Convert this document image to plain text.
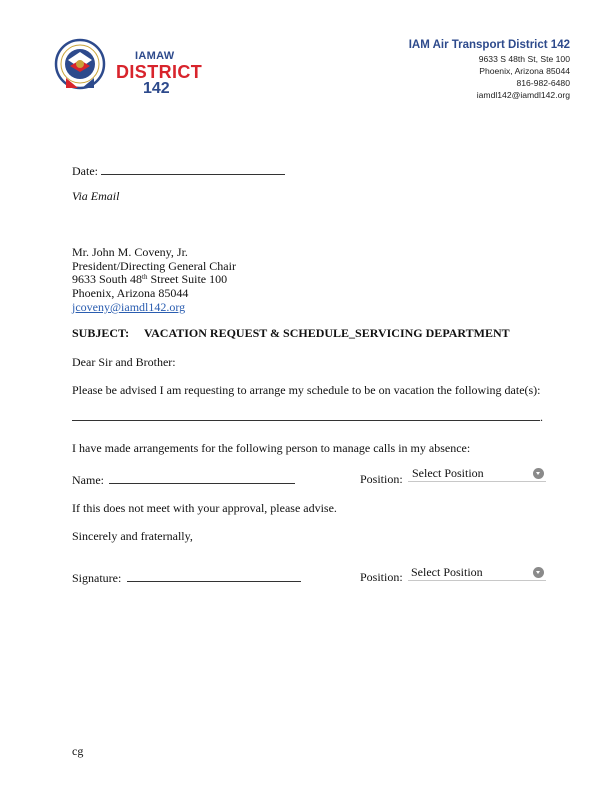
IAMAW
DISTRICT
142
IAM Air Transport District 142
9633 S 48th St, Ste 100
Phoenix, Arizona 85044
816-982-6480
iamdl142@iamdl142.org
Date:
Via Email
Mr. John M. Coveny, Jr.
President/Directing General Chair
9633 South 48th Street Suite 100
Phoenix, Arizona 85044
jcoveny@iamdl142.org
SUBJECT: VACATION REQUEST & SCHEDULE_SERVICING DEPARTMENT
Dear Sir and Brother:
Please be advised I am requesting to arrange my schedule to be on vacation the following date(s):
.
I have made arrangements for the following person to manage calls in my absence:
Name:	Position: Select Position
If this does not meet with your approval, please advise.
Sincerely and fraternally,
Signature:	Position: Select Position
cg
